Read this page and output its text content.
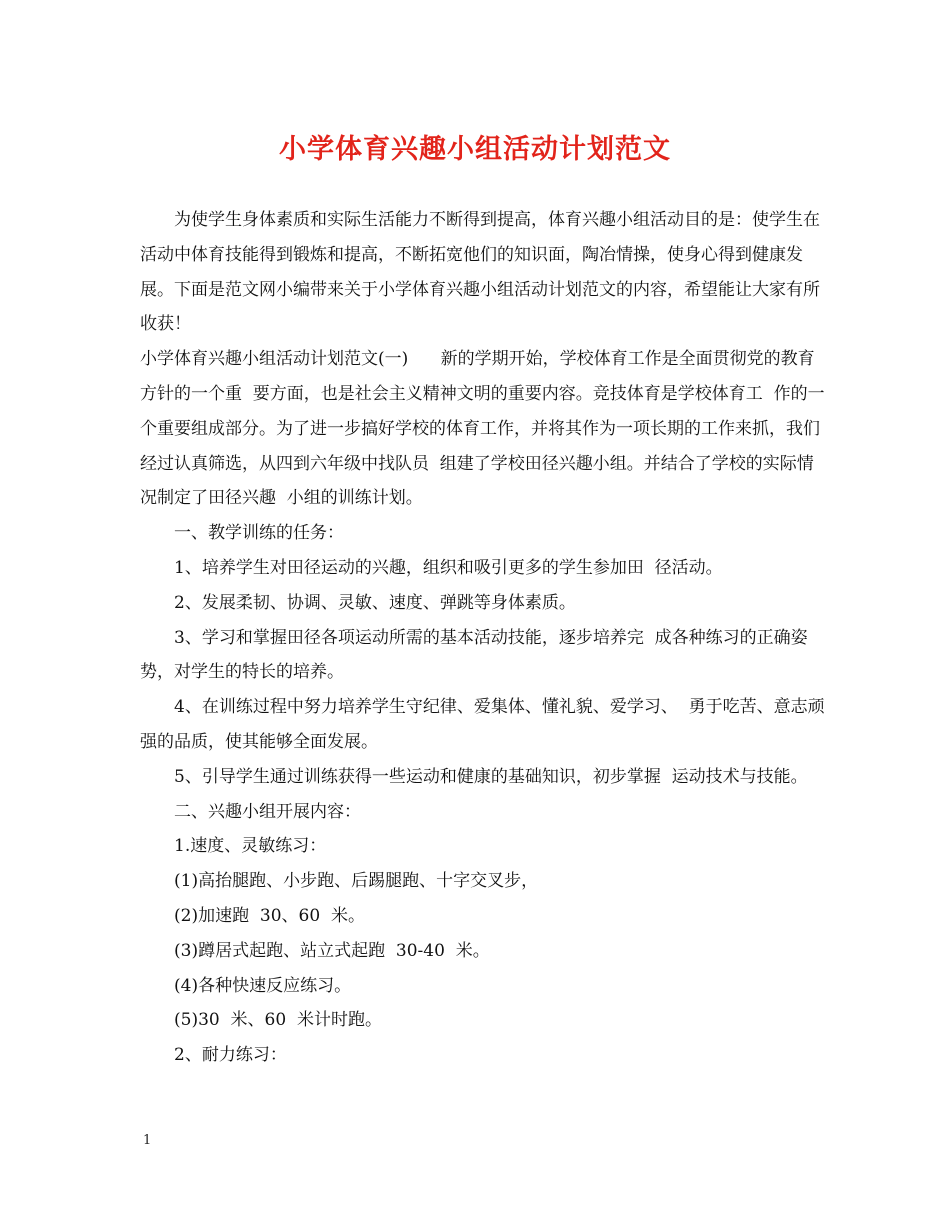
小学体育兴趣小组活动计划范文

为使学生身体素质和实际生活能力不断得到提高，体育兴趣小组活动目的是：使学生在活动中体育技能得到锻炼和提高，不断拓宽他们的知识面，陶冶情操，使身心得到健康发展。下面是范文网小编带来关于小学体育兴趣小组活动计划范文的内容，希望能让大家有所收获！

小学体育兴趣小组活动计划范文(一)      新的学期开始，学校体育工作是全面贯彻党的教育方针的一个重  要方面，也是社会主义精神文明的重要内容。竞技体育是学校体育工  作的一个重要组成部分。为了进一步搞好学校的体育工作，并将其作为一项长期的工作来抓，我们经过认真筛选，从四到六年级中找队员  组建了学校田径兴趣小组。并结合了学校的实际情况制定了田径兴趣  小组的训练计划。

一、教学训练的任务：

1、培养学生对田径运动的兴趣，组织和吸引更多的学生参加田  径活动。

2、发展柔韧、协调、灵敏、速度、弹跳等身体素质。

3、学习和掌握田径各项运动所需的基本活动技能，逐步培养完  成各种练习的正确姿势，对学生的特长的培养。

4、在训练过程中努力培养学生守纪律、爱集体、懂礼貌、爱学习、  勇于吃苦、意志顽强的品质，使其能够全面发展。

5、引导学生通过训练获得一些运动和健康的基础知识，初步掌握  运动技术与技能。

二、兴趣小组开展内容：

1.速度、灵敏练习：

(1)高抬腿跑、小步跑、后踢腿跑、十字交叉步，

(2)加速跑  30、60  米。

(3)蹲居式起跑、站立式起跑  30-40  米。

(4)各种快速反应练习。

(5)30  米、60  米计时跑。

2、耐力练习：

1
